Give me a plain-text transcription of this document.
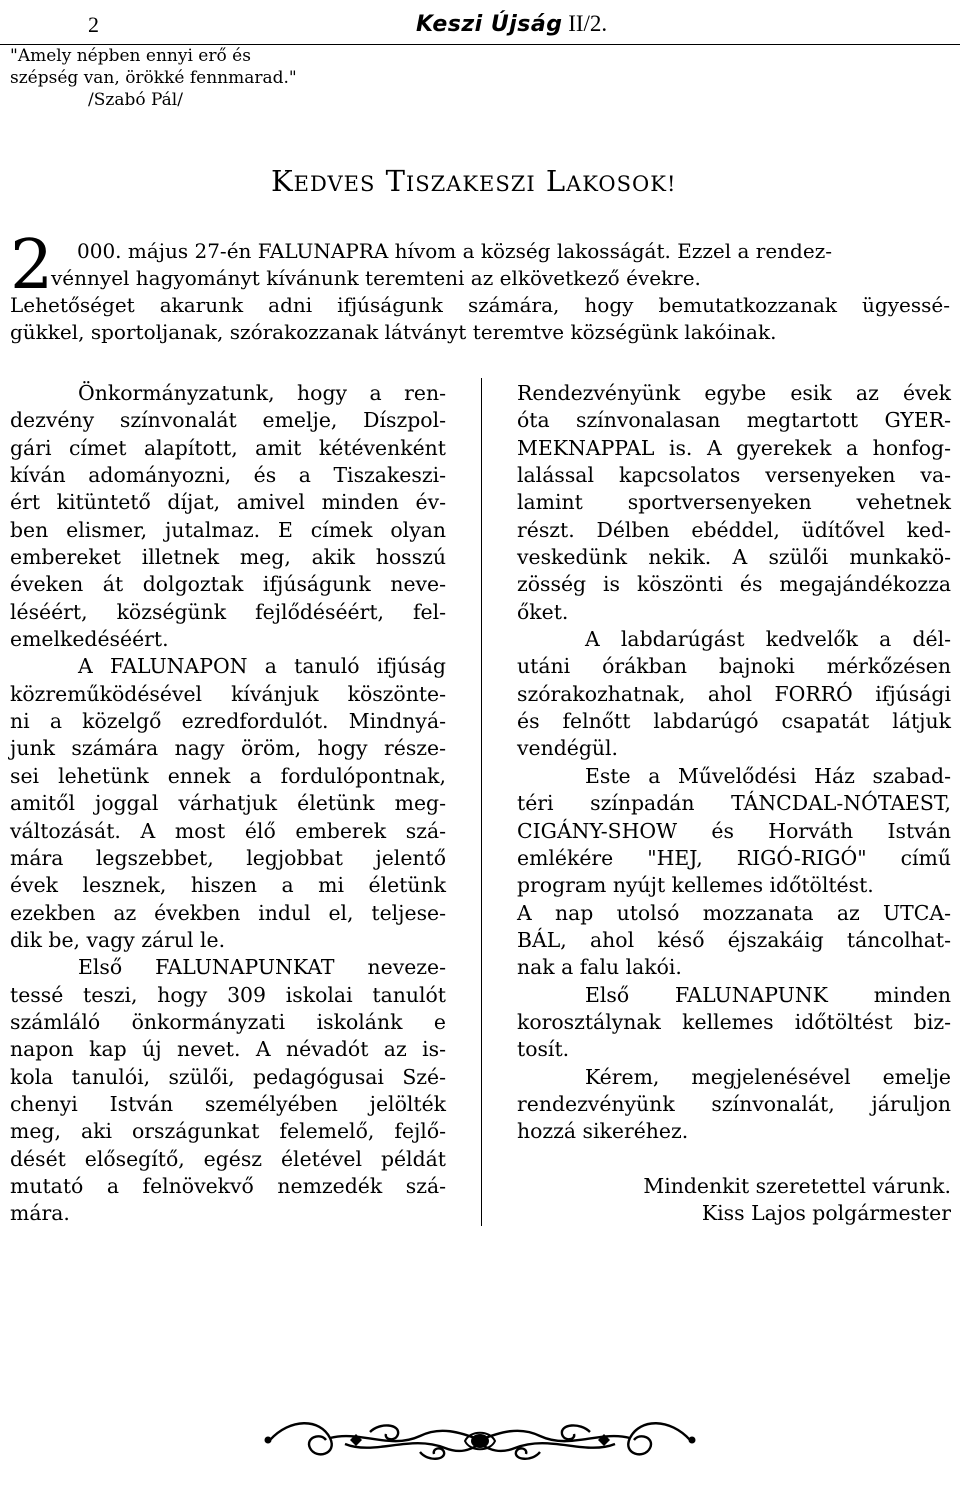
2	Keszi Újság II/2.
"Amely népben ennyi erő és
szépség van, örökké fennmarad."
/Szabó Pál/
KEDVES TISZAKESZI LAKOSOK!
2	000. május 27-én FALUNAPRA hívom a község lakosságát. Ezzel a rendez-
vénnyel hagyományt kívánunk teremteni az elkövetkező évekre.
Lehetőséget akarunk adni ifjúságunk számára, hogy bemutatkozzanak ügyessé-
gükkel, sportoljanak, szórakozzanak látványt teremtve községünk lakóinak.
Önkormányzatunk, hogy a ren-
dezvény színvonalát emelje, Díszpol-
gári címet alapított, amit kétévenként
kíván adományozni, és a Tiszakeszi-
ért kitüntető díjat, amivel minden év-
ben elismer, jutalmaz. E címek olyan
embereket illetnek meg, akik hosszú
éveken át dolgoztak ifjúságunk neve-
léséért, községünk fejlődéséért, fel-
emelkedéséért.
A FALUNAPON a tanuló ifjúság
közreműködésével kívánjuk köszönte-
ni a közelgő ezredfordulót. Mindnyá-
junk számára nagy öröm, hogy része-
sei lehetünk ennek a fordulópontnak,
amitől joggal várhatjuk életünk meg-
változását. A most élő emberek szá-
mára legszebbet, legjobbat jelentő
évek lesznek, hiszen a mi életünk
ezekben az években indul el, teljese-
dik be, vagy zárul le.
Első FALUNAPUNKAT neveze-
tessé teszi, hogy 309 iskolai tanulót
számláló önkormányzati iskolánk e
napon kap új nevet. A névadót az is-
kola tanulói, szülői, pedagógusai Szé-
chenyi István személyében jelölték
meg, aki országunkat felemelő, fejlő-
dését elősegítő, egész életével példát
mutató a felnövekvő nemzedék szá-
mára.
Rendezvényünk egybe esik az évek
óta színvonalasan megtartott GYER-
MEKNAPPAL is. A gyerekek a honfog-
lalással kapcsolatos versenyeken va-
lamint sportversenyeken vehetnek
részt. Délben ebéddel, üdítővel ked-
veskedünk nekik. A szülői munkakö-
zösség is köszönti és megajándékozza
őket.
A labdarúgást kedvelők a dél-
utáni órákban bajnoki mérkőzésen
szórakozhatnak, ahol FORRÓ ifjúsági
és felnőtt labdarúgó csapatát látjuk
vendégül.
Este a Művelődési Ház szabad-
téri színpadán TÁNCDAL-NÓTAEST,
CIGÁNY-SHOW és Horváth István
emlékére "HEJ, RIGÓ-RIGÓ" című
program nyújt kellemes időtöltést.
A nap utolsó mozzanata az UTCA-
BÁL, ahol késő éjszakáig táncolhat-
nak a falu lakói.
Első FALUNAPUNK minden
korosztálynak kellemes időtöltést biz-
tosít.
Kérem, megjelenésével emelje
rendezvényünk színvonalát, járuljon
hozzá sikeréhez.
Mindenkit szeretettel várunk.
Kiss Lajos polgármester
